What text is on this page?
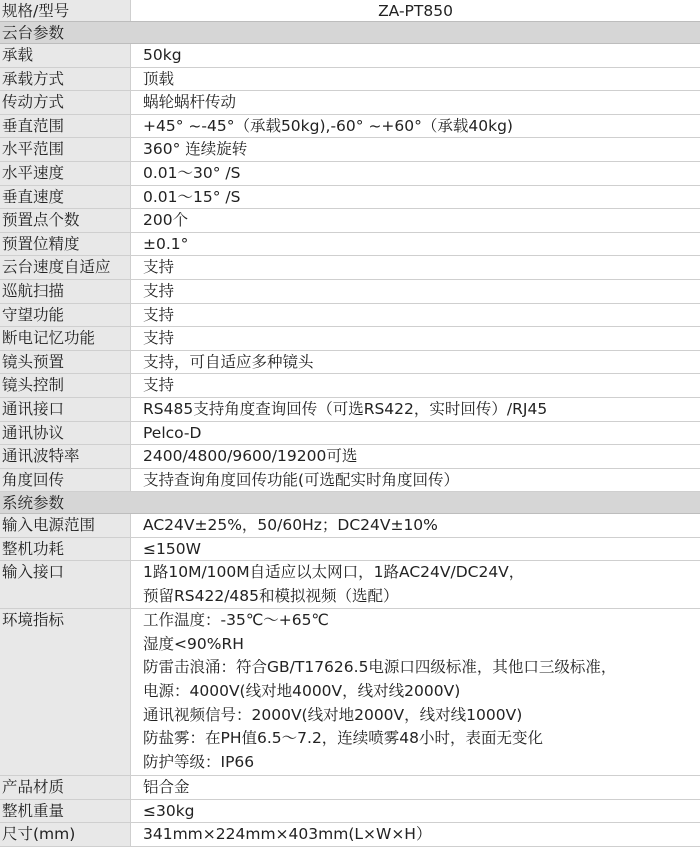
规格/型号	ZA-PT850
云台参数
承载	50kg
承载方式	顶载
传动方式	蜗轮蜗杆传动
垂直范围	+45° ~-45°（承载50kg),-60° ~+60°（承载40kg)
水平范围	360° 连续旋转
水平速度	0.01～30° /S
垂直速度	0.01～15° /S
预置点个数	200个
预置位精度	±0.1°
云台速度自适应	支持
巡航扫描	支持
守望功能	支持
断电记忆功能	支持
镜头预置	支持，可自适应多种镜头
镜头控制	支持
通讯接口	RS485支持角度查询回传（可选RS422，实时回传）/RJ45
通讯协议	Pelco-D
通讯波特率	2400/4800/9600/19200可选
角度回传	支持查询角度回传功能(可选配实时角度回传）
系统参数
输入电源范围	AC24V±25%，50/60Hz；DC24V±10%
整机功耗	≤150W
输入接口	1路10M/100M自适应以太网口，1路AC24V/DC24V，
预留RS422/485和模拟视频（选配）
环境指标	工作温度：-35℃～+65℃
湿度<90%RH
防雷击浪涌：符合GB/T17626.5电源口四级标准，其他口三级标准，
电源：4000V(线对地4000V，线对线2000V)
通讯视频信号：2000V(线对地2000V，线对线1000V)
防盐雾：在PH值6.5～7.2，连续喷雾48小时，表面无变化
防护等级：IP66
产品材质	铝合金
整机重量	≤30kg
尺寸(mm)	341mm×224mm×403mm(L×W×H）
